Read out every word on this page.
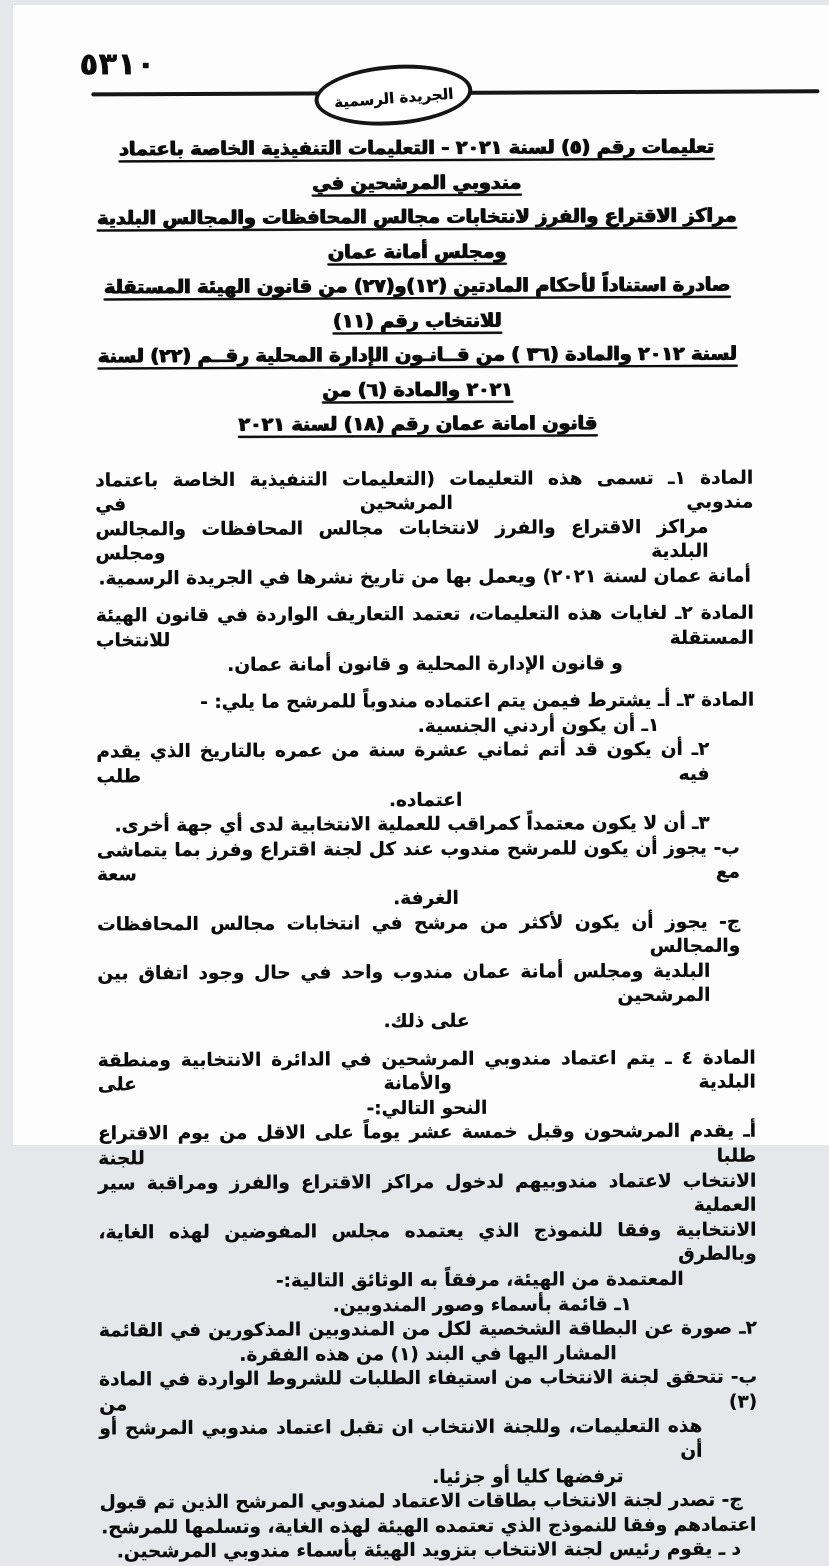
٥٣١٠
الجريدة الرسمية
تعليمات رقم (٥) لسنة ٢٠٢١ - التعليمات التنفيذية الخاصة باعتماد مندوبي المرشحين في
مراكز الاقتراع والفرز لانتخابات مجالس المحافظات والمجالس البلدية ومجلس أمانة عمان
صادرة استناداً لأحكام المادتين (١٢)و(٢٧) من قانون الهيئة المستقلة للانتخاب رقم (١١)
لسنة ٢٠١٢ والمادة (٣٦ ) من قــانـون الإدارة المحلية رقــم (٢٢) لسنة ٢٠٢١ والمادة (٦) من
قانون امانة عمان رقم (١٨) لسنة ٢٠٢١
المادة ١ـ تسمى هذه التعليمات (التعليمات التنفيذية الخاصة باعتماد مندوبي المرشحين في
مراكز الاقتراع والفرز لانتخابات مجالس المحافظات والمجالس البلدية ومجلس
أمانة عمان لسنة ٢٠٢١) ويعمل بها من تاريخ نشرها في الجريدة الرسمية.
المادة ٢ـ لغايات هذه التعليمات، تعتمد التعاريف الواردة في قانون الهيئة المستقلة للانتخاب
و قانون الإدارة المحلية و قانون أمانة عمان.
المادة ٣ـ أـ يشترط فيمن يتم اعتماده مندوباً للمرشح ما يلي: -
١ـ أن يكون أردني الجنسية.
٢ـ أن يكون قد أتم ثماني عشرة سنة من عمره بالتاريخ الذي يقدم فيه طلب
اعتماده.
٣ـ أن لا يكون معتمداً كمراقب للعملية الانتخابية لدى أي جهة أخرى.
ب- يجوز أن يكون للمرشح مندوب عند كل لجنة اقتراع وفرز بما يتماشى مع سعة
الغرفة.
ج- يجوز أن يكون لأكثر من مرشح في انتخابات مجالس المحافظات والمجالس
البلدية ومجلس أمانة عمان مندوب واحد في حال وجود اتفاق بين المرشحين
على ذلك.
المادة ٤ ـ يتم اعتماد مندوبي المرشحين في الدائرة الانتخابية ومنطقة البلدية والأمانة على
النحو التالي:-
أـ يقدم المرشحون وقبل خمسة عشر يوماً على الاقل من يوم الاقتراع طلبا للجنة
الانتخاب لاعتماد مندوبيهم لدخول مراكز الاقتراع والفرز ومراقبة سير العملية
الانتخابية وفقا للنموذج الذي يعتمده مجلس المفوضين لهذه الغاية، وبالطرق
المعتمدة من الهيئة، مرفقاً به الوثائق التالية:-
١ـ قائمة بأسماء وصور المندوبين.
٢ـ صورة عن البطاقة الشخصية لكل من المندوبين المذكورين في القائمة
المشار اليها في البند (١) من هذه الفقرة.
ب- تتحقق لجنة الانتخاب من استيفاء الطلبات للشروط الواردة في المادة (٣) من
هذه التعليمات، وللجنة الانتخاب ان تقبل اعتماد مندوبي المرشح أو أن
ترفضها كليا أو جزئيا.
ج- تصدر لجنة الانتخاب بطاقات الاعتماد لمندوبي المرشح الذين تم قبول
اعتمادهم وفقا للنموذج الذي تعتمده الهيئة لهذه الغاية، وتسلمها للمرشح.
د ـ يقوم رئيس لجنة الانتخاب بتزويد الهيئة بأسماء مندوبي المرشحين.
